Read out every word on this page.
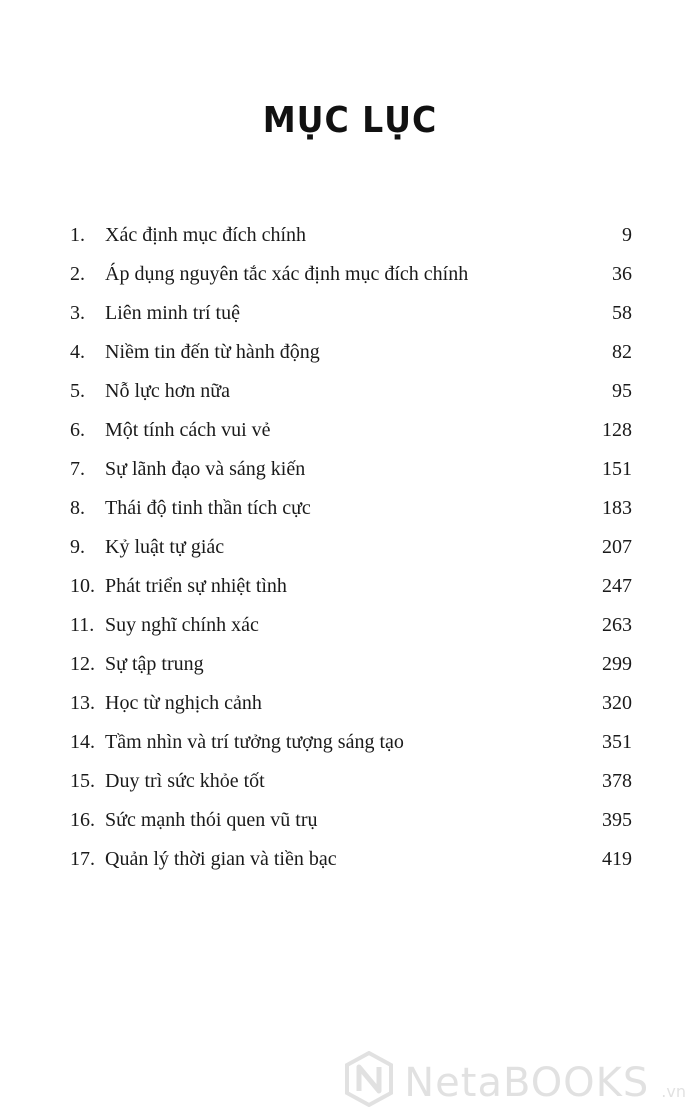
MỤC LỤC
1.	Xác định mục đích chính	9
2.	Áp dụng nguyên tắc xác định mục đích chính	36
3.	Liên minh trí tuệ	58
4.	Niềm tin đến từ hành động	82
5.	Nỗ lực hơn nữa	95
6.	Một tính cách vui vẻ	128
7.	Sự lãnh đạo và sáng kiến	151
8.	Thái độ tinh thần tích cực	183
9.	Kỷ luật tự giác	207
10. Phát triển sự nhiệt tình	247
11. Suy nghĩ chính xác	263
12. Sự tập trung	299
13. Học từ nghịch cảnh	320
14. Tầm nhìn và trí tưởng tượng sáng tạo	351
15. Duy trì sức khỏe tốt	378
16. Sức mạnh thói quen vũ trụ	395
17. Quản lý thời gian và tiền bạc	419
NetaBOOKS .vn
